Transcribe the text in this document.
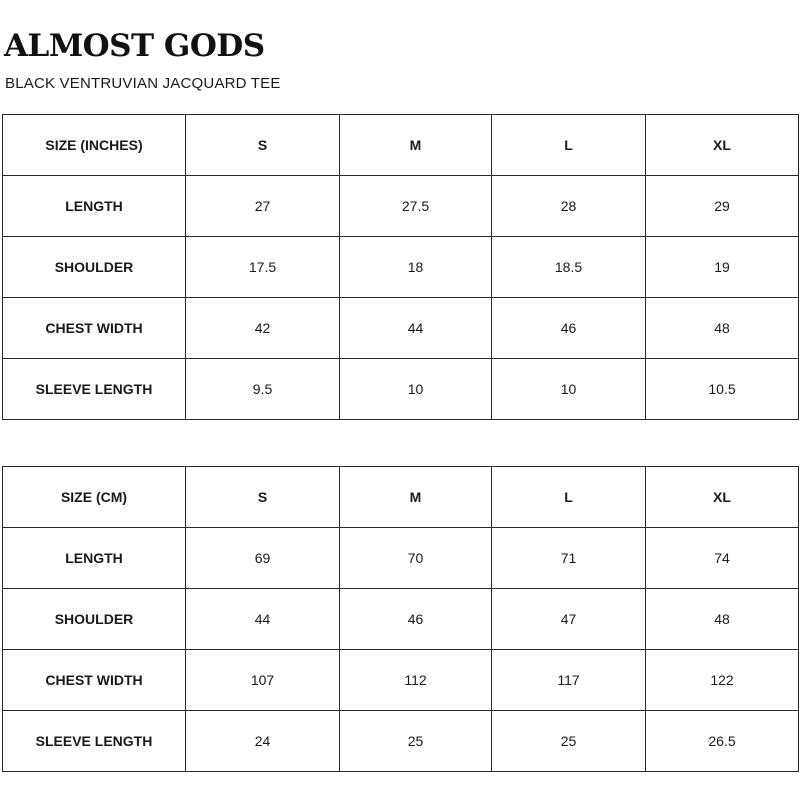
ALMOST GODS
BLACK VENTRUVIAN JACQUARD TEE
SIZE (INCHES)	S	M	L	XL
LENGTH	27	27.5	28	29
SHOULDER	17.5	18	18.5	19
CHEST WIDTH	42	44	46	48
SLEEVE LENGTH	9.5	10	10	10.5
SIZE (CM)	S	M	L	XL
LENGTH	69	70	71	74
SHOULDER	44	46	47	48
CHEST WIDTH	107	112	117	122
SLEEVE LENGTH	24	25	25	26.5
